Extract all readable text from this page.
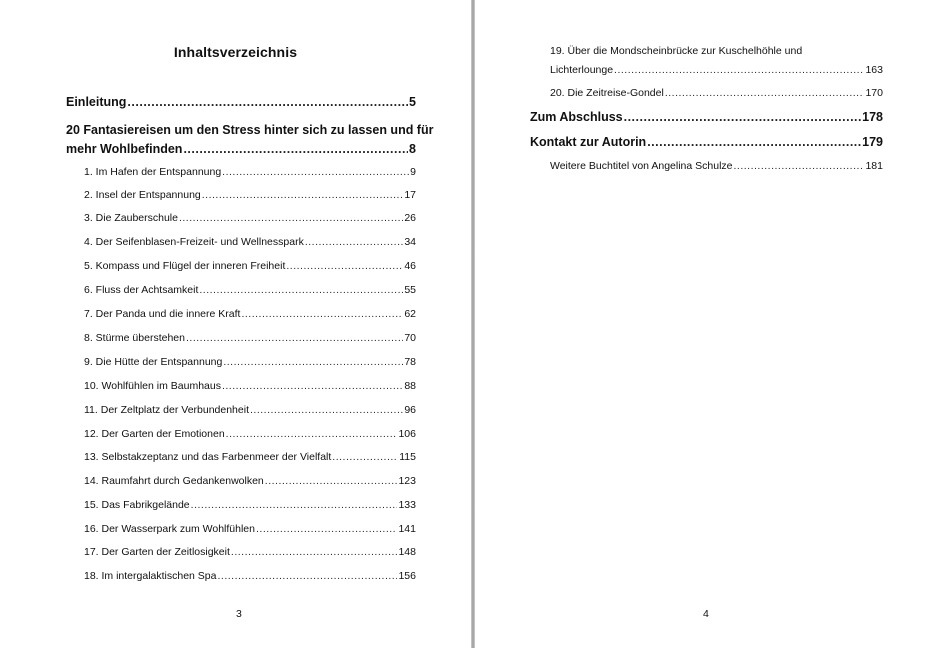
Inhaltsverzeichnis
Einleitung .....	5
20 Fantasiereisen um den Stress hinter sich zu lassen und für
mehr Wohlbefinden .....	8
1. Im Hafen der Entspannung .....	9
2. Insel der Entspannung .....	17
3. Die Zauberschule .....	26
4. Der Seifenblasen-Freizeit- und Wellnesspark .....	34
5. Kompass und Flügel der inneren Freiheit .....	46
6. Fluss der Achtsamkeit .....	55
7. Der Panda und die innere Kraft .....	62
8. Stürme überstehen .....	70
9. Die Hütte der Entspannung .....	78
10. Wohlfühlen im Baumhaus .....	88
11. Der Zeltplatz der Verbundenheit .....	96
12. Der Garten der Emotionen .....	106
13. Selbstakzeptanz und das Farbenmeer der Vielfalt .....	115
14. Raumfahrt durch Gedankenwolken .....	123
15. Das Fabrikgelände .....	133
16. Der Wasserpark zum Wohlfühlen .....	141
17. Der Garten der Zeitlosigkeit .....	148
18. Im intergalaktischen Spa .....	156
3
19. Über die Mondscheinbrücke zur Kuschelhöhle und
Lichterlounge .....	163
20. Die Zeitreise-Gondel .....	170
Zum Abschluss .....	178
Kontakt zur Autorin .....	179
Weitere Buchtitel von Angelina Schulze .....	181
4
